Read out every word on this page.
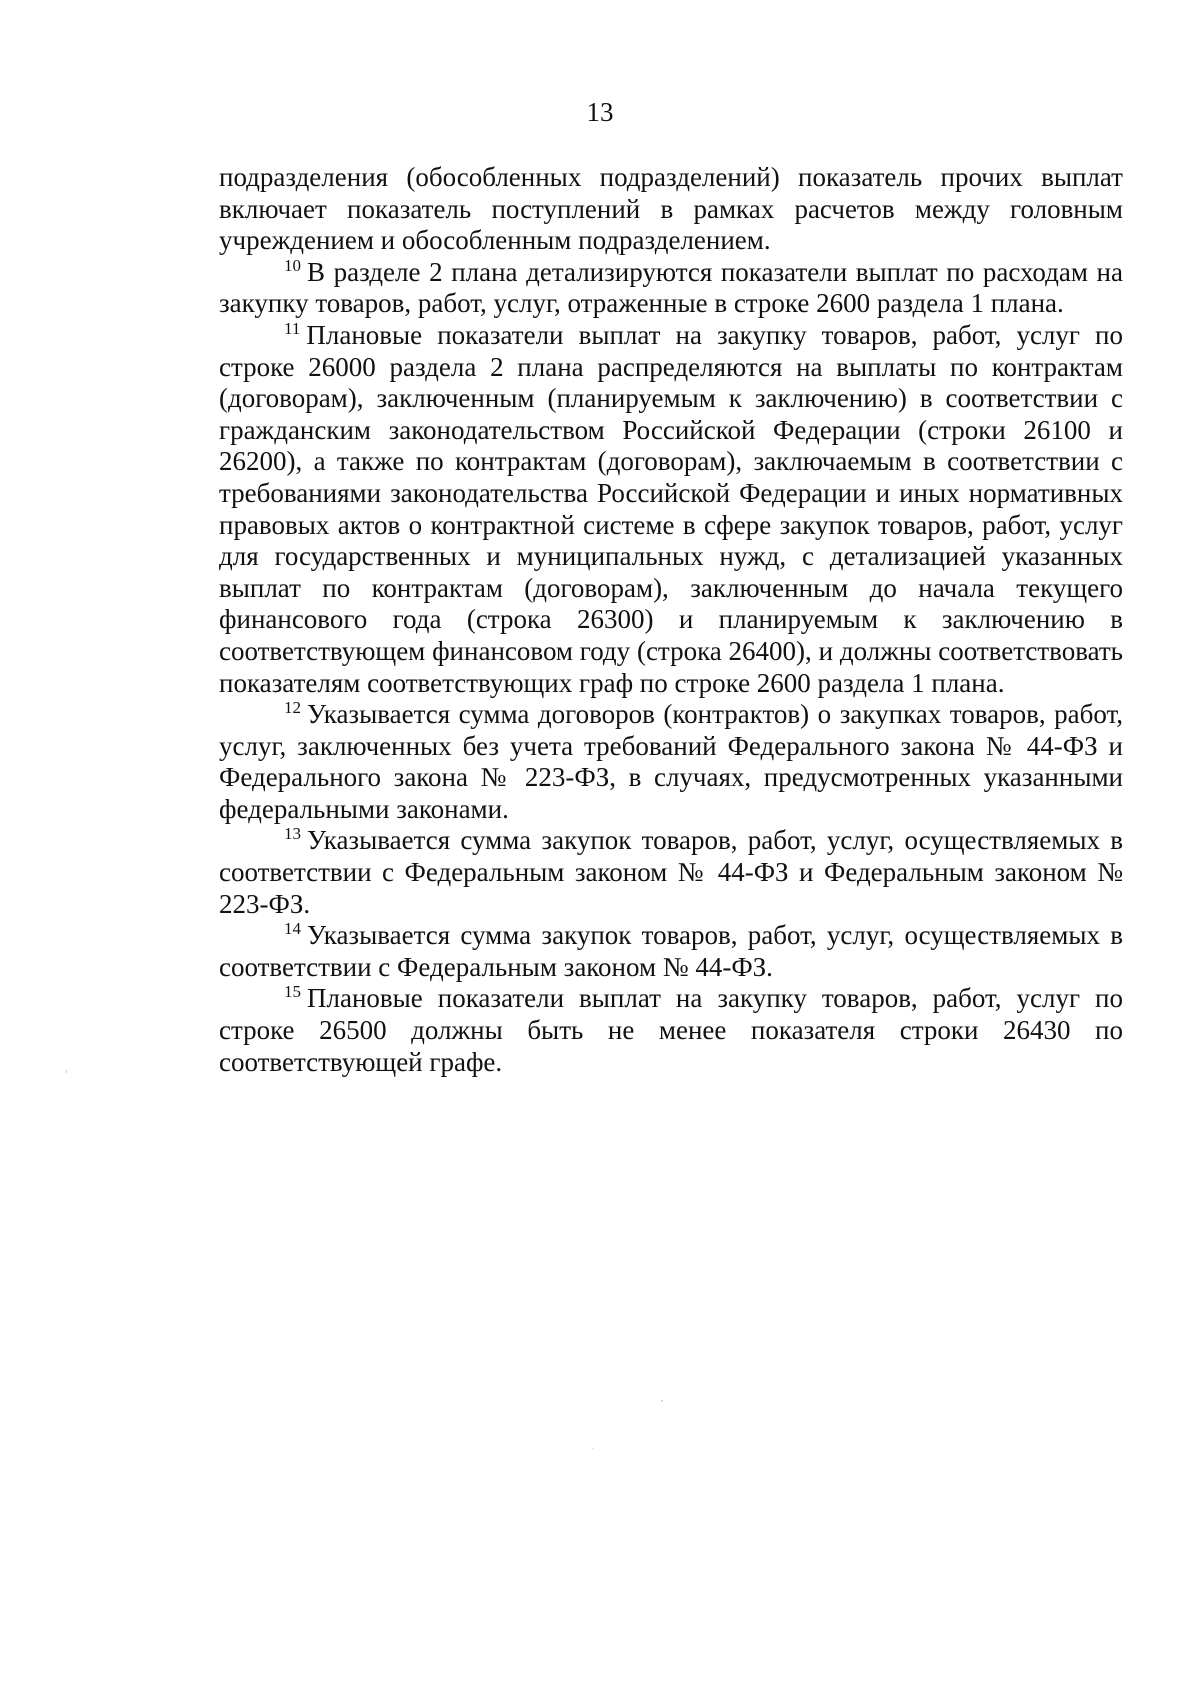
13

подразделения (обособленных подразделений) показатель прочих выплат включает показатель поступлений в рамках расчетов между головным учреждением и обособленным подразделением.

$^{10}$ В разделе 2 плана детализируются показатели выплат по расходам на закупку товаров, работ, услуг, отраженные в строке 2600 раздела 1 плана.

$^{11}$ Плановые показатели выплат на закупку товаров, работ, услуг по строке 26000 раздела 2 плана распределяются на выплаты по контрактам (договорам), заключенным (планируемым к заключению) в соответствии с гражданским законодательством Российской Федерации (строки 26100 и 26200), а также по контрактам (договорам), заключаемым в соответствии с требованиями законодательства Российской Федерации и иных нормативных правовых актов о контрактной системе в сфере закупок товаров, работ, услуг для государственных и муниципальных нужд, с детализацией указанных выплат по контрактам (договорам), заключенным до начала текущего финансового года (строка 26300) и планируемым к заключению в соответствующем финансовом году (строка 26400), и должны соответствовать показателям соответствующих граф по строке 2600 раздела 1 плана.

$^{12}$ Указывается сумма договоров (контрактов) о закупках товаров, работ, услуг, заключенных без учета требований Федерального закона № 44-ФЗ и Федерального закона № 223-ФЗ, в случаях, предусмотренных указанными федеральными законами.

$^{13}$ Указывается сумма закупок товаров, работ, услуг, осуществляемых в соответствии с Федеральным законом № 44-ФЗ и Федеральным законом № 223-ФЗ.

$^{14}$ Указывается сумма закупок товаров, работ, услуг, осуществляемых в соответствии с Федеральным законом № 44-ФЗ.

$^{15}$ Плановые показатели выплат на закупку товаров, работ, услуг по строке 26500 должны быть не менее показателя строки 26430 по соответствующей графе.
